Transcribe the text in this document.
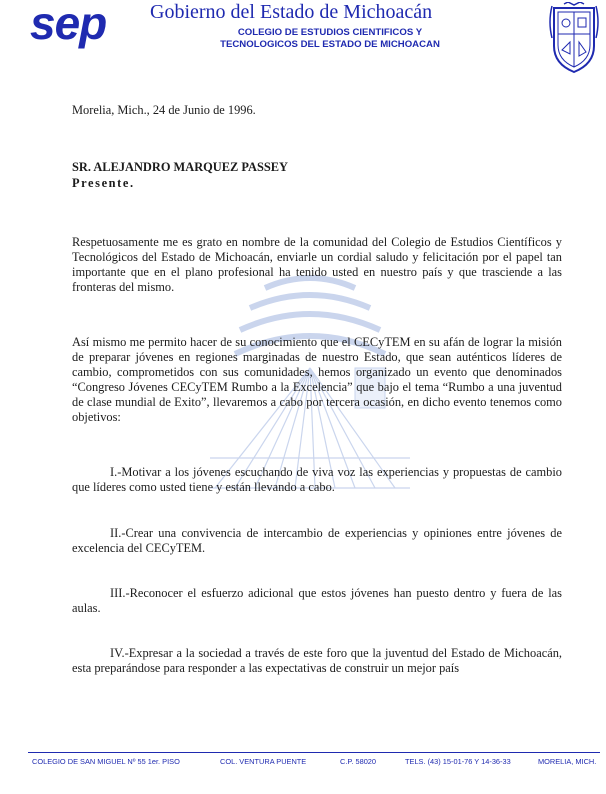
sep Gobierno del Estado de Michoacán
COLEGIO DE ESTUDIOS CIENTIFICOS Y
TECNOLOGICOS DEL ESTADO DE MICHOACAN
Morelia, Mich., 24 de Junio de 1996.
SR. ALEJANDRO MARQUEZ PASSEY
Presente.
Respetuosamente me es grato en nombre de la comunidad del Colegio de Estudios Científicos y Tecnológicos del Estado de Michoacán, enviarle un cordial saludo y felicitación por el papel tan importante que en el plano profesional ha tenido usted en nuestro país y que trasciende a las fronteras del mismo.
Así mismo me permito hacer de su conocimiento que el CECyTEM en su afán de lograr la misión de preparar jóvenes en regiones marginadas de nuestro Estado, que sean auténticos líderes de cambio, comprometidos con sus comunidades, hemos organizado un evento que denominados “Congreso Jóvenes CECyTEM Rumbo a la Excelencia” que bajo el tema “Rumbo a una juventud de clase mundial de Exito”, llevaremos a cabo por tercera ocasión, en dicho evento tenemos como objetivos:
I.-Motivar a los jóvenes escuchando de viva voz las experiencias y propuestas de cambio que líderes como usted tiene y están llevando a cabo.
II.-Crear una convivencia de intercambio de experiencias y opiniones entre jóvenes de excelencia del CECyTEM.
III.-Reconocer el esfuerzo adicional que estos jóvenes han puesto dentro y fuera de las aulas.
IV.-Expresar a la sociedad a través de este foro que la juventud del Estado de Michoacán, esta preparándose para responder a las expectativas de construir un mejor país
COLEGIO DE SAN MIGUEL Nº 55 1er. PISO	COL. VENTURA PUENTE	C.P. 58020	TELS. (43) 15-01-76 Y 14-36-33	MORELIA, MICH.
